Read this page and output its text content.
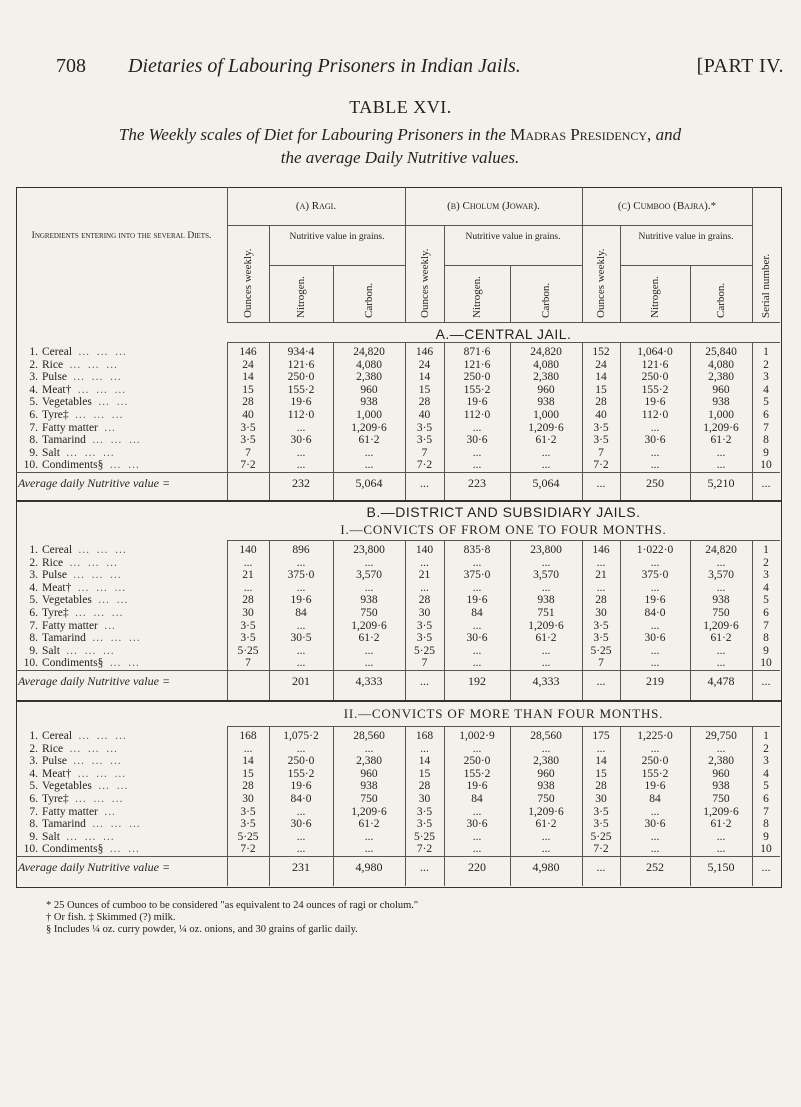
708 Dietaries of Labouring Prisoners in Indian Jails.
[	PART IV.
TABLE XVI.
The Weekly scales of Diet for Labouring Prisoners in the Madras Presidency, and
the average Daily Nutritive values.
Ingredients entering into the several Diets.
(a) Ragi.
Nutritive value in grains.
(b) Cholum (Jowar).
Nutritive value in grains.
(c) Cumboo (Bajra).*
Nutritive value in grains.
Ounces weekly.	Nitrogen.	Carbon.	Ounces weekly.	Nitrogen.	Carbon.	Ounces weekly.	Nitrogen.	Carbon.	Serial number.
A.—CENTRAL JAIL.
1. Cereal … … …
2. Rice … … …
3. Pulse … … …
4. Meat† … … …
5. Vegetables … …
6. Tyre‡ … … …
7. Fatty matter …
8. Tamarind … … …
9. Salt … … …
10. Condiments§ … …
146
24
14
15
28
40
3·5
3·5
7
7·2
934·4
121·6
250·0
155·2
19·6
112·0
...
30·6
...
...
24,820
4,080
2,380
960
938
1,000
1,209·6
61·2
...
...
146
24
14
15
28
40
3·5
3·5
7
7·2
871·6
121·6
250·0
155·2
19·6
112·0
...
30·6
...
...
24,820
4,080
2,380
960
938
1,000
1,209·6
61·2
...
...
152
24
14
15
28
40
3·5
3·5
7
7·2
1,064·0
121·6
250·0
155·2
19·6
112·0
...
30·6
...
...
25,840
4,080
2,380
960
938
1,000
1,209·6
61·2
...
...
1
2
3
4
5
6
7
8
9
10
Average daily Nutritive value =	232	5,064	...	223	5,064	...	250	5,210	...
B.—DISTRICT AND SUBSIDIARY JAILS.
I.—CONVICTS OF FROM ONE TO FOUR MONTHS.
1. Cereal … … …
2. Rice … … …
3. Pulse … … …
4. Meat† … … …
5. Vegetables … …
6. Tyre‡ … … …
7. Fatty matter …
8. Tamarind … … …
9. Salt … … …
10. Condiments§ … …
140
...
21
...
28
30
3·5
3·5
5·25
7
896
...
375·0
...
19·6
84
...
30·5
...
...
23,800
...
3,570
...
938
750
1,209·6
61·2
...
...
140
...
21
...
28
30
3·5
3·5
5·25
7
835·8
...
375·0
...
19·6
84
...
30·6
...
...
23,800
...
3,570
...
938
751
1,209·6
61·2
...
...
146
...
21
...
28
30
3·5
3·5
5·25
7
1·022·0
...
375·0
...
19·6
84·0
...
30·6
...
...
24,820
...
3,570
...
938
750
1,209·6
61·2
...
...
1
2
3
4
5
6
7
8
9
10
Average daily Nutritive value =	201	4,333	...	192	4,333	...	219	4,478	...
II.—CONVICTS OF MORE THAN FOUR MONTHS.
1. Cereal … … …
2. Rice … … …
3. Pulse … … …
4. Meat† … … …
5. Vegetables … …
6. Tyre‡ … … …
7. Fatty matter …
8. Tamarind … … …
9. Salt … … …
10. Condiments§ … …
168
...
14
15
28
30
3·5
3·5
5·25
7·2
1,075·2
...
250·0
155·2
19·6
84·0
...
30·6
...
...
28,560
...
2,380
960
938
750
1,209·6
61·2
...
...
168
...
14
15
28
30
3·5
3·5
5·25
7·2
1,002·9
...
250·0
155·2
19·6
84
...
30·6
...
...
28,560
...
2,380
960
938
750
1,209·6
61·2
...
...
175
...
14
15
28
30
3·5
3·5
5·25
7·2
1,225·0
...
250·0
155·2
19·6
84
...
30·6
...
...
29,750
...
2,380
960
938
750
1,209·6
61·2
...
...
1
2
3
4
5
6
7
8
9
10
Average daily Nutritive value =	231	4,980	...	220	4,980	...	252	5,150	...
* 25 Ounces of cumboo to be considered "as equivalent to 24 ounces of ragi or cholum."
† Or fish. ‡ Skimmed (?) milk.
§ Includes ¼ oz. curry powder, ¼ oz. onions, and 30 grains of garlic daily.
